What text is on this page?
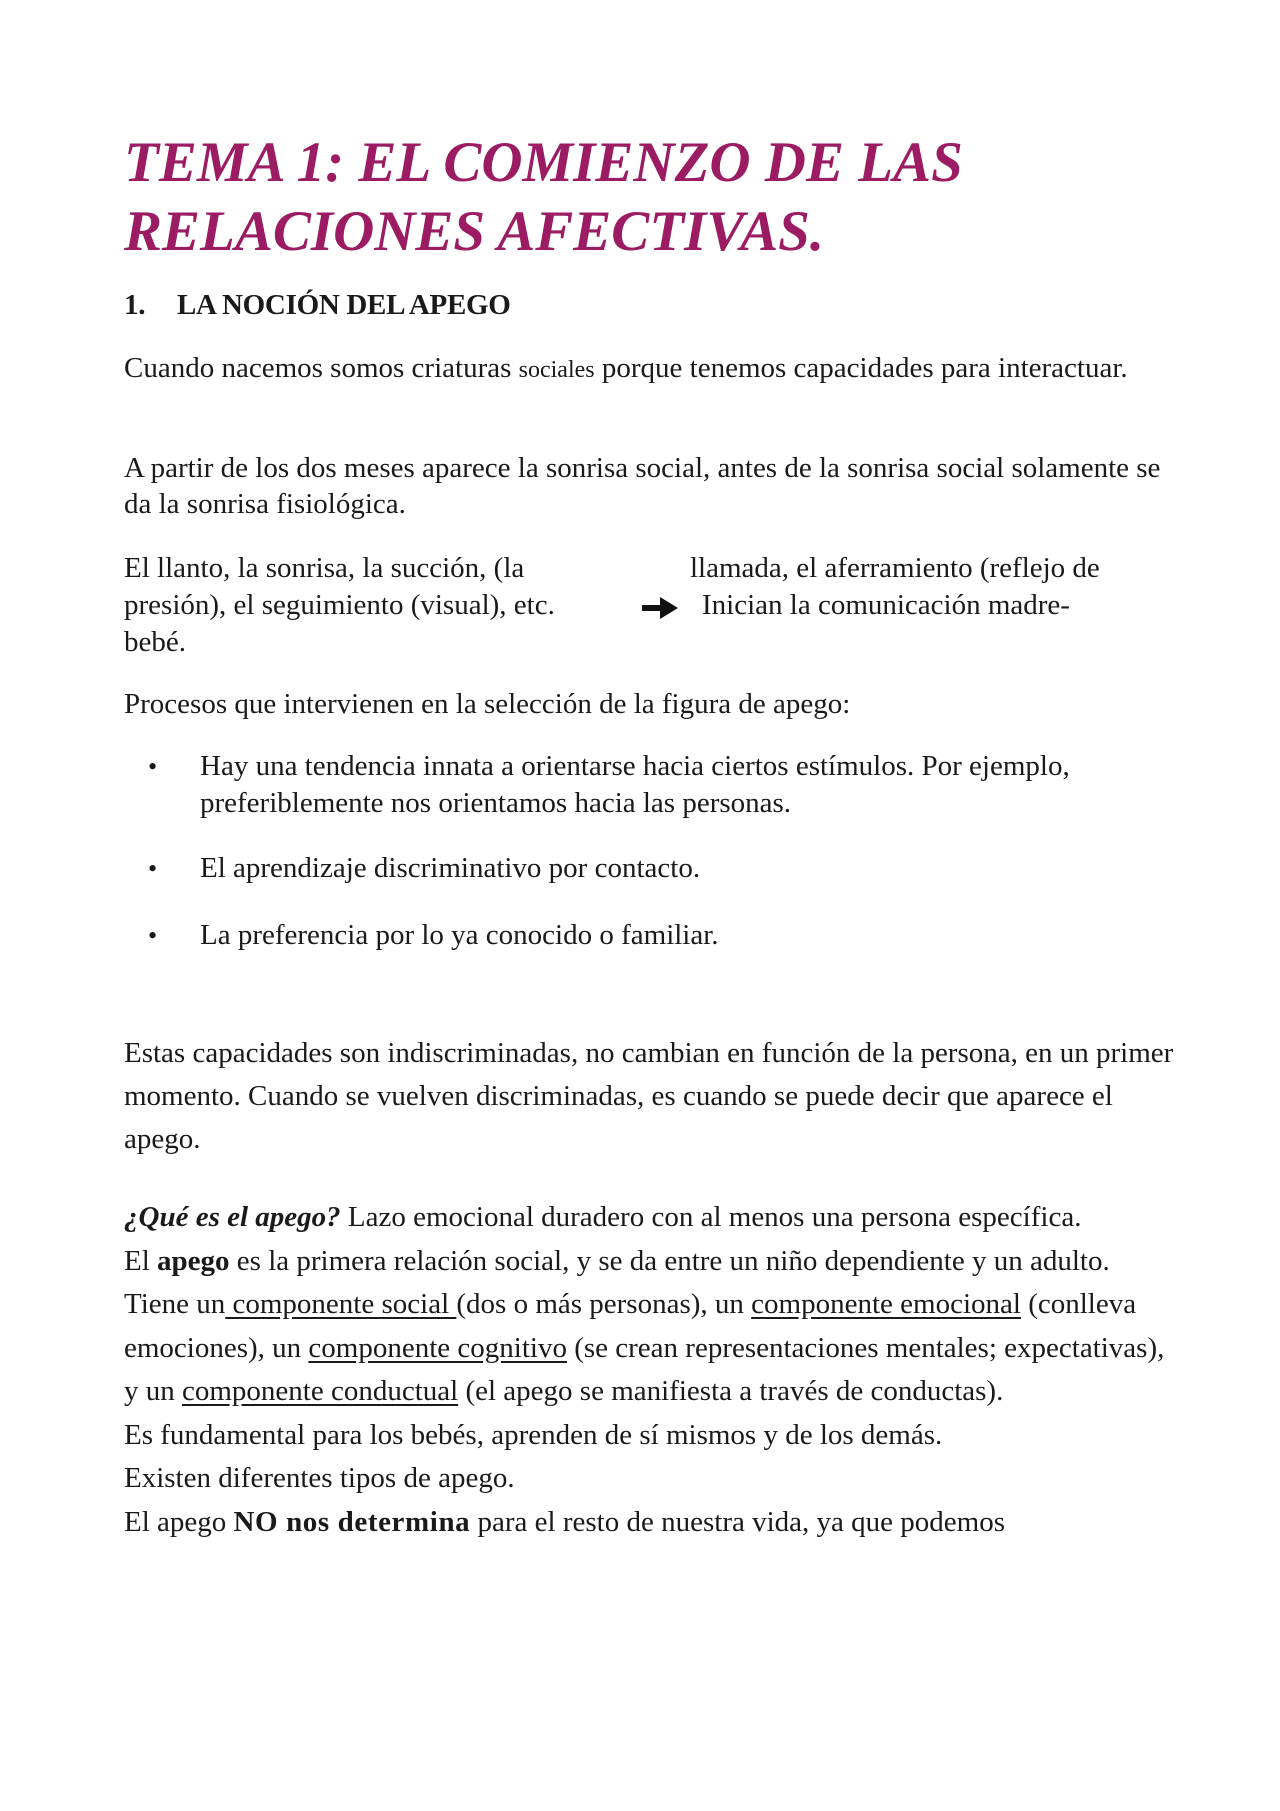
TEMA 1: EL COMIENZO DE LAS
RELACIONES AFECTIVAS.
1. LA NOCIÓN DEL APEGO

Cuando nacemos somos criaturas sociales porque tenemos capacidades para interactuar.

A partir de los dos meses aparece la sonrisa social, antes de la sonrisa social solamente se da la sonrisa fisiológica.

El llanto, la sonrisa, la succión, (la
presión), el seguimiento (visual), etc.
bebé.

llamada, el aferramiento (reflejo de
Inician la comunicación madre-

Procesos que intervienen en la selección de la figura de apego:

• Hay una tendencia innata a orientarse hacia ciertos estímulos. Por ejemplo, preferiblemente nos orientamos hacia las personas.
• El aprendizaje discriminativo por contacto.
• La preferencia por lo ya conocido o familiar.

Estas capacidades son indiscriminadas, no cambian en función de la persona, en un primer momento. Cuando se vuelven discriminadas, es cuando se puede decir que aparece el apego.

¿Qué es el apego? Lazo emocional duradero con al menos una persona específica.

El apego es la primera relación social, y se da entre un niño dependiente y un adulto.

Tiene un componente social (dos o más personas), un componente emocional (conlleva emociones), un componente cognitivo (se crean representaciones mentales; expectativas), y un componente conductual (el apego se manifiesta a través de conductas).

Es fundamental para los bebés, aprenden de sí mismos y de los demás.

Existen diferentes tipos de apego.

El apego NO nos determina para el resto de nuestra vida, ya que podemos
